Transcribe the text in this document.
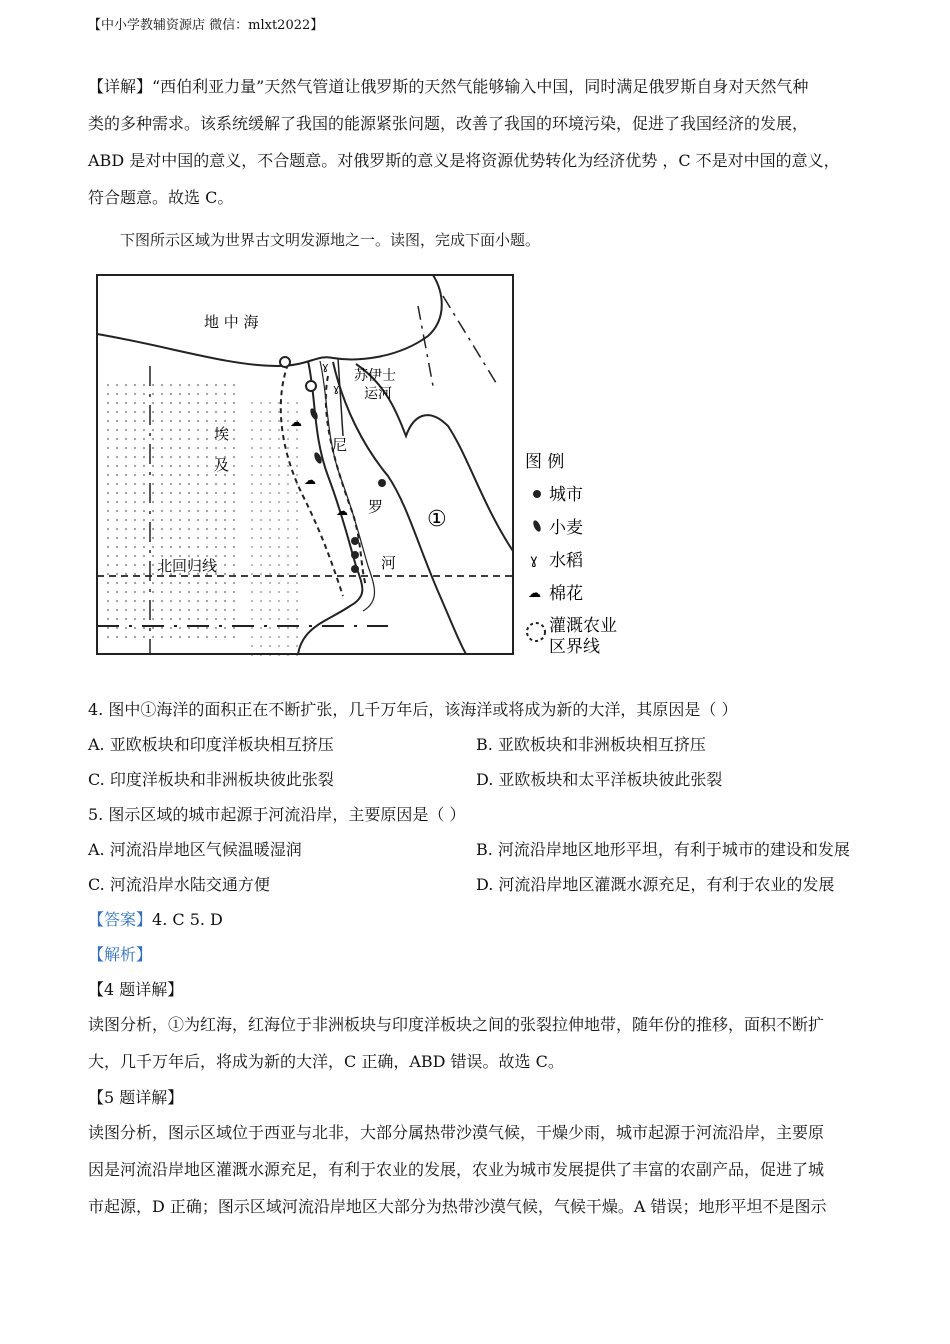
【中小学教辅资源店 微信：mlxt2022】
【详解】“西伯利亚力量”天然气管道让俄罗斯的天然气能够输入中国，同时满足俄罗斯自身对天然气种
类的多种需求。该系统缓解了我国的能源紧张问题，改善了我国的环境污染，促进了我国经济的发展，
ABD 是对中国的意义，不合题意。对俄罗斯的意义是将资源优势转化为经济优势 ，C 不是对中国的意义，
符合题意。故选 C。
下图所示区域为世界古文明发源地之一。读图，完成下面小题。
ɣ
ɣ
☁
☁
☁
地 中 海
埃
及
尼
罗
河
苏伊士
运河
①
北回归线
图 例
城市
小麦
ɣ 水稻
☁ 棉花
灌溉农业
区界线
4. 图中①海洋的面积正在不断扩张，几千万年后，该海洋或将成为新的大洋，其原因是（ ）
A. 亚欧板块和印度洋板块相互挤压	B. 亚欧板块和非洲板块相互挤压
C. 印度洋板块和非洲板块彼此张裂	D. 亚欧板块和太平洋板块彼此张裂
5. 图示区域的城市起源于河流沿岸，主要原因是（ ）
A. 河流沿岸地区气候温暖湿润	B. 河流沿岸地区地形平坦，有利于城市的建设和发展
C. 河流沿岸水陆交通方便	D. 河流沿岸地区灌溉水源充足，有利于农业的发展
【答案】4. C 5. D
【解析】
【4 题详解】
读图分析，①为红海，红海位于非洲板块与印度洋板块之间的张裂拉伸地带，随年份的推移，面积不断扩
大，几千万年后，将成为新的大洋，C 正确，ABD 错误。故选 C。
【5 题详解】
读图分析，图示区域位于西亚与北非，大部分属热带沙漠气候，干燥少雨，城市起源于河流沿岸，主要原
因是河流沿岸地区灌溉水源充足，有利于农业的发展，农业为城市发展提供了丰富的农副产品，促进了城
市起源，D 正确；图示区域河流沿岸地区大部分为热带沙漠气候，气候干燥。A 错误；地形平坦不是图示
